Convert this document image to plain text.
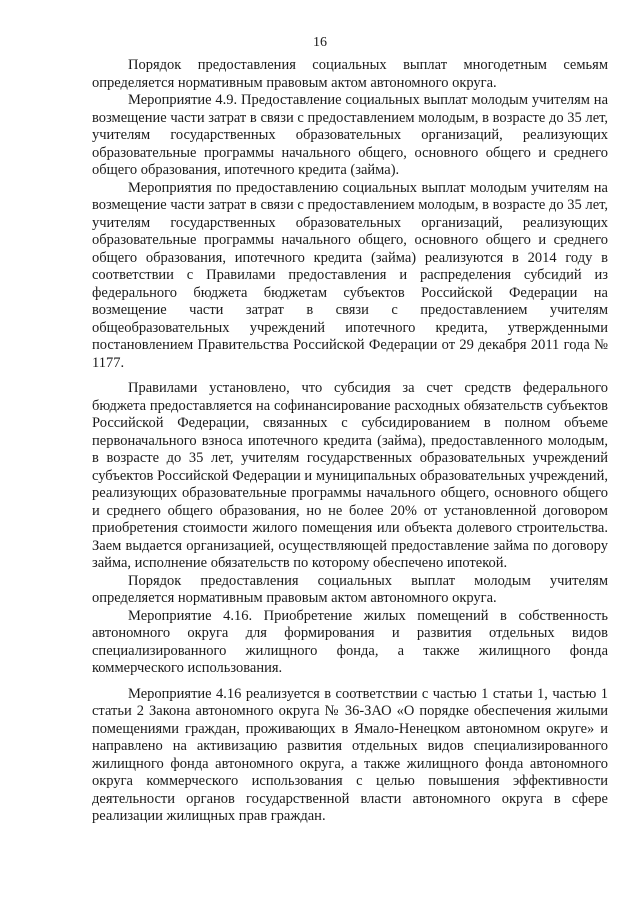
16

Порядок предоставления социальных выплат многодетным семьям определяется нормативным правовым актом автономного округа.

Мероприятие 4.9. Предоставление социальных выплат молодым учителям на возмещение части затрат в связи с предоставлением молодым, в возрасте до 35 лет, учителям государственных образовательных организаций, реализующих образовательные программы начального общего, основного общего и среднего общего образования, ипотечного кредита (займа).

Мероприятия по предоставлению социальных выплат молодым учителям на возмещение части затрат в связи с предоставлением молодым, в возрасте до 35 лет, учителям государственных образовательных организаций, реализующих образовательные программы начального общего, основного общего и среднего общего образования, ипотечного кредита (займа) реализуются в 2014 году в соответствии с Правилами предоставления и распределения субсидий из федерального бюджета бюджетам субъектов Российской Федерации на возмещение части затрат в связи с предоставлением учителям общеобразовательных учреждений ипотечного кредита, утвержденными постановлением Правительства Российской Федерации от 29 декабря 2011 года № 1177.

Правилами установлено, что субсидия за счет средств федерального бюджета предоставляется на софинансирование расходных обязательств субъектов Российской Федерации, связанных с субсидированием в полном объеме первоначального взноса ипотечного кредита (займа), предоставленного молодым, в возрасте до 35 лет, учителям государственных образовательных учреждений субъектов Российской Федерации и муниципальных образовательных учреждений, реализующих образовательные программы начального общего, основного общего и среднего общего образования, но не более 20% от установленной договором приобретения стоимости жилого помещения или объекта долевого строительства. Заем выдается организацией, осуществляющей предоставление займа по договору займа, исполнение обязательств по которому обеспечено ипотекой.

Порядок предоставления социальных выплат молодым учителям определяется нормативным правовым актом автономного округа.

Мероприятие 4.16. Приобретение жилых помещений в собственность автономного округа для формирования и развития отдельных видов специализированного жилищного фонда, а также жилищного фонда коммерческого использования.

Мероприятие 4.16 реализуется в соответствии с частью 1 статьи 1, частью 1 статьи 2 Закона автономного округа № 36-ЗАО «О порядке обеспечения жилыми помещениями граждан, проживающих в Ямало-Ненецком автономном округе» и направлено на активизацию развития отдельных видов специализированного жилищного фонда автономного округа, а также жилищного фонда автономного округа коммерческого использования с целью повышения эффективности деятельности органов государственной власти автономного округа в сфере реализации жилищных прав граждан.
